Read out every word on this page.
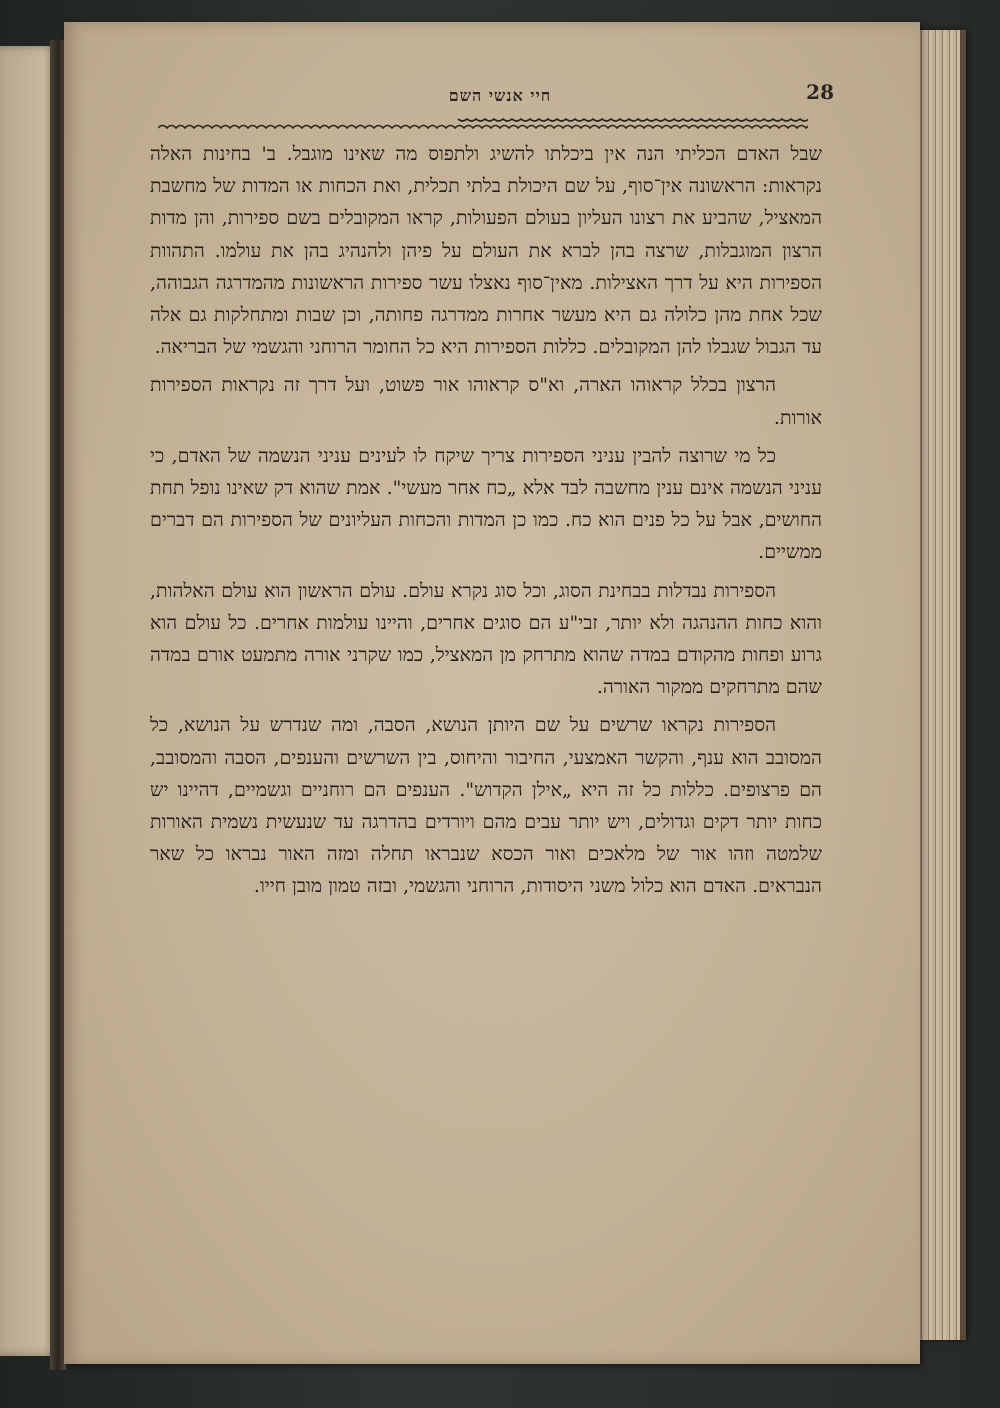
חיי אנשי השם	28

שבל האדם הכליתי הנה אין ביכלתו להשיג ולתפוס מה שאינו מוגבל. ב' בחינות האלה נקראות: הראשונה אין־סוף, על שם היכולת בלתי תכלית, ואת הכחות או המדות של מחשבת המאציל, שהביע את רצונו העליון בעולם הפעולות, קראו המקובלים בשם ספירות, והן מדות הרצון המוגבלות, שרצה בהן לברא את העולם על פיהן ולהנהיג בהן את עולמו. התהוות הספירות היא על דרך האצילות. מאין־סוף נאצלו עשר ספירות הראשונות מהמדרגה הגבוהה, שכל אחת מהן כלולה גם היא מעשר אחרות ממדרגה פחותה, וכן שבות ומתחלקות גם אלה עד הגבול שגבלו להן המקובלים. כללות הספירות היא כל החומר הרוחני והגשמי של הבריאה.

הרצון בכלל קראוהו הארה, וא"ס קראוהו אור פשוט, ועל דרך זה נקראות הספירות אורות.

כל מי שרוצה להבין עניני הספירות צריך שיקח לו לעינים עניני הנשמה של האדם, כי עניני הנשמה אינם ענין מחשבה לבד אלא „כח אחר מעשי". אמת שהוא דק שאינו נופל תחת החושים, אבל על כל פנים הוא כח. כמו כן המדות והכחות העליונים של הספירות הם דברים ממשיים.

הספירות נבדלות בבחינת הסוג, וכל סוג נקרא עולם. עולם הראשון הוא עולם האלהות, והוא כחות ההנהגה ולא יותר, זבי"ע הם סוגים אחרים, והיינו עולמות אחרים. כל עולם הוא גרוע ופחות מהקודם במדה שהוא מתרחק מן המאציל, כמו שקרני אורה מתמעט אורם במדה שהם מתרחקים ממקור האורה.

הספירות נקראו שרשים על שם היותן הנושא, הסבה, ומה שנדרש על הנושא, כל המסובב הוא ענף, והקשר האמצעי, החיבור והיחוס, בין השרשים והענפים, הסבה והמסובב, הם פרצופים. כללות כל זה היא „אילן הקדוש". הענפים הם רוחניים וגשמיים, דהיינו יש כחות יותר דקים וגדולים, ויש יותר עבים מהם ויורדים בהדרגה עד שנעשית נשמית האורות שלמטה וזהו אור של מלאכים ואור הכסא שנבראו תחלה ומזה האור נבראו כל שאר הנבראים. האדם הוא כלול משני היסודות, הרוחני והגשמי, ובזה טמון מובן חייו.
